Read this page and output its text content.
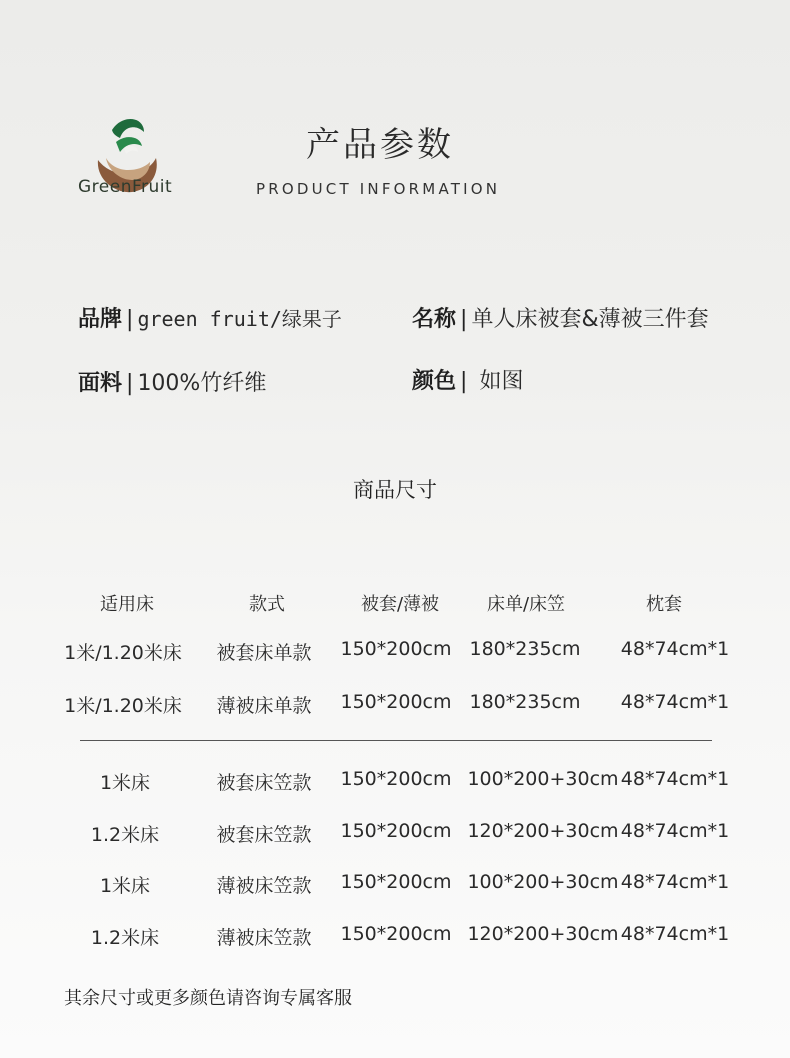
GreenFruit
产品参数
PRODUCT INFORMATION
品牌 | green fruit/绿果子	名称 | 单人床被套&薄被三件套
面料 | 100%竹纤维	颜色 | 如图
商品尺寸
适用床	款式	被套/薄被	床单/床笠	枕套
1米/1.20米床 被套床单款 150*200cm 180*235cm 48*74cm*1
1米/1.20米床 薄被床单款 150*200cm 180*235cm 48*74cm*1
1米床	被套床笠款 150*200cm 100*200+30cm 48*74cm*1
1.2米床	被套床笠款 150*200cm 120*200+30cm 48*74cm*1
1米床	薄被床笠款 150*200cm 100*200+30cm 48*74cm*1
1.2米床	薄被床笠款 150*200cm 120*200+30cm 48*74cm*1
其余尺寸或更多颜色请咨询专属客服
